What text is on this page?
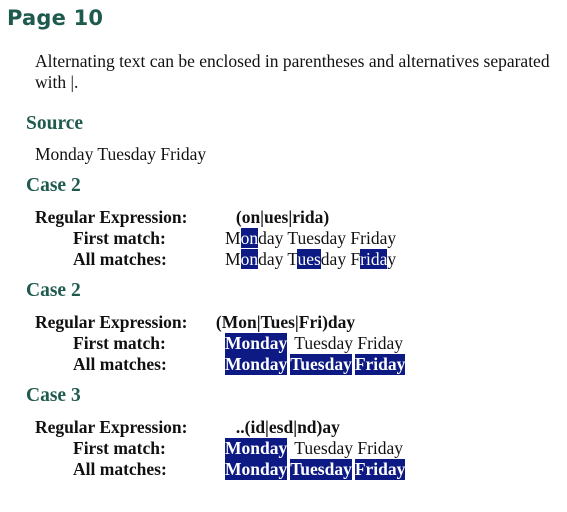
Page 10
Alternating text can be enclosed in parentheses and alternatives separated with |.
Source
Monday Tuesday Friday
Case 2
Regular Expression:	(on|ues|rida)
First match:	Monday Tuesday Friday
All matches:	Monday Tuesday Friday
Case 2
Regular Expression: (Mon|Tues|Fri)day
First match:	Monday Tuesday Friday
All matches:	Monday Tuesday Friday
Case 3
Regular Expression:	..(id|esd|nd)ay
First match:	Monday Tuesday Friday
All matches:	Monday Tuesday Friday
